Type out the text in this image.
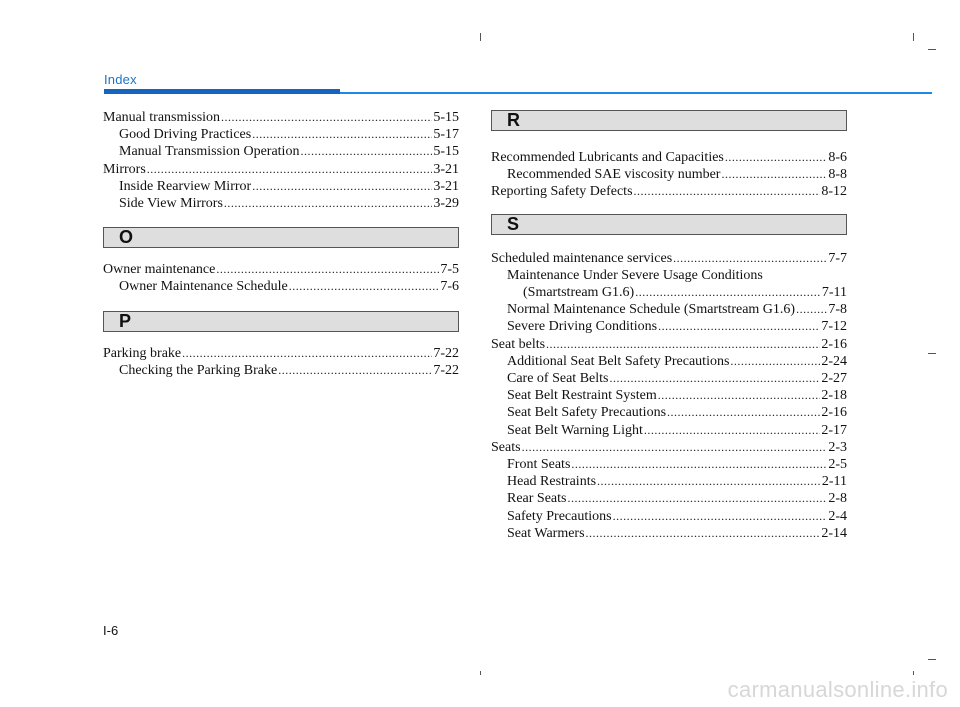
Index
Manual transmission .....	5-15
Good Driving Practices .....	5-17
Manual Transmission Operation .....	5-15
Mirrors .....	3-21
Inside Rearview Mirror .....	3-21
Side View Mirrors .....	3-29
O
Owner maintenance .....	7-5
Owner Maintenance Schedule .....	7-6
P
Parking brake .....	7-22
Checking the Parking Brake .....	7-22
R
Recommended Lubricants and Capacities .....	8-6
Recommended SAE viscosity number .....	8-8
Reporting Safety Defects .....	8-12
S
Scheduled maintenance services .....	7-7
Maintenance Under Severe Usage Conditions
(Smartstream G1.6) .....	7-11
Normal Maintenance Schedule (Smartstream G1.6) ..... 7-8
Severe Driving Conditions .....	7-12
Seat belts .....	2-16
Additional Seat Belt Safety Precautions .....	2-24
Care of Seat Belts .....	2-27
Seat Belt Restraint System .....	2-18
Seat Belt Safety Precautions .....	2-16
Seat Belt Warning Light .....	2-17
Seats .....	2-3
Front Seats .....	2-5
Head Restraints .....	2-11
Rear Seats .....	2-8
Safety Precautions .....	2-4
Seat Warmers .....	2-14
I-6
carmanualsonline.info
